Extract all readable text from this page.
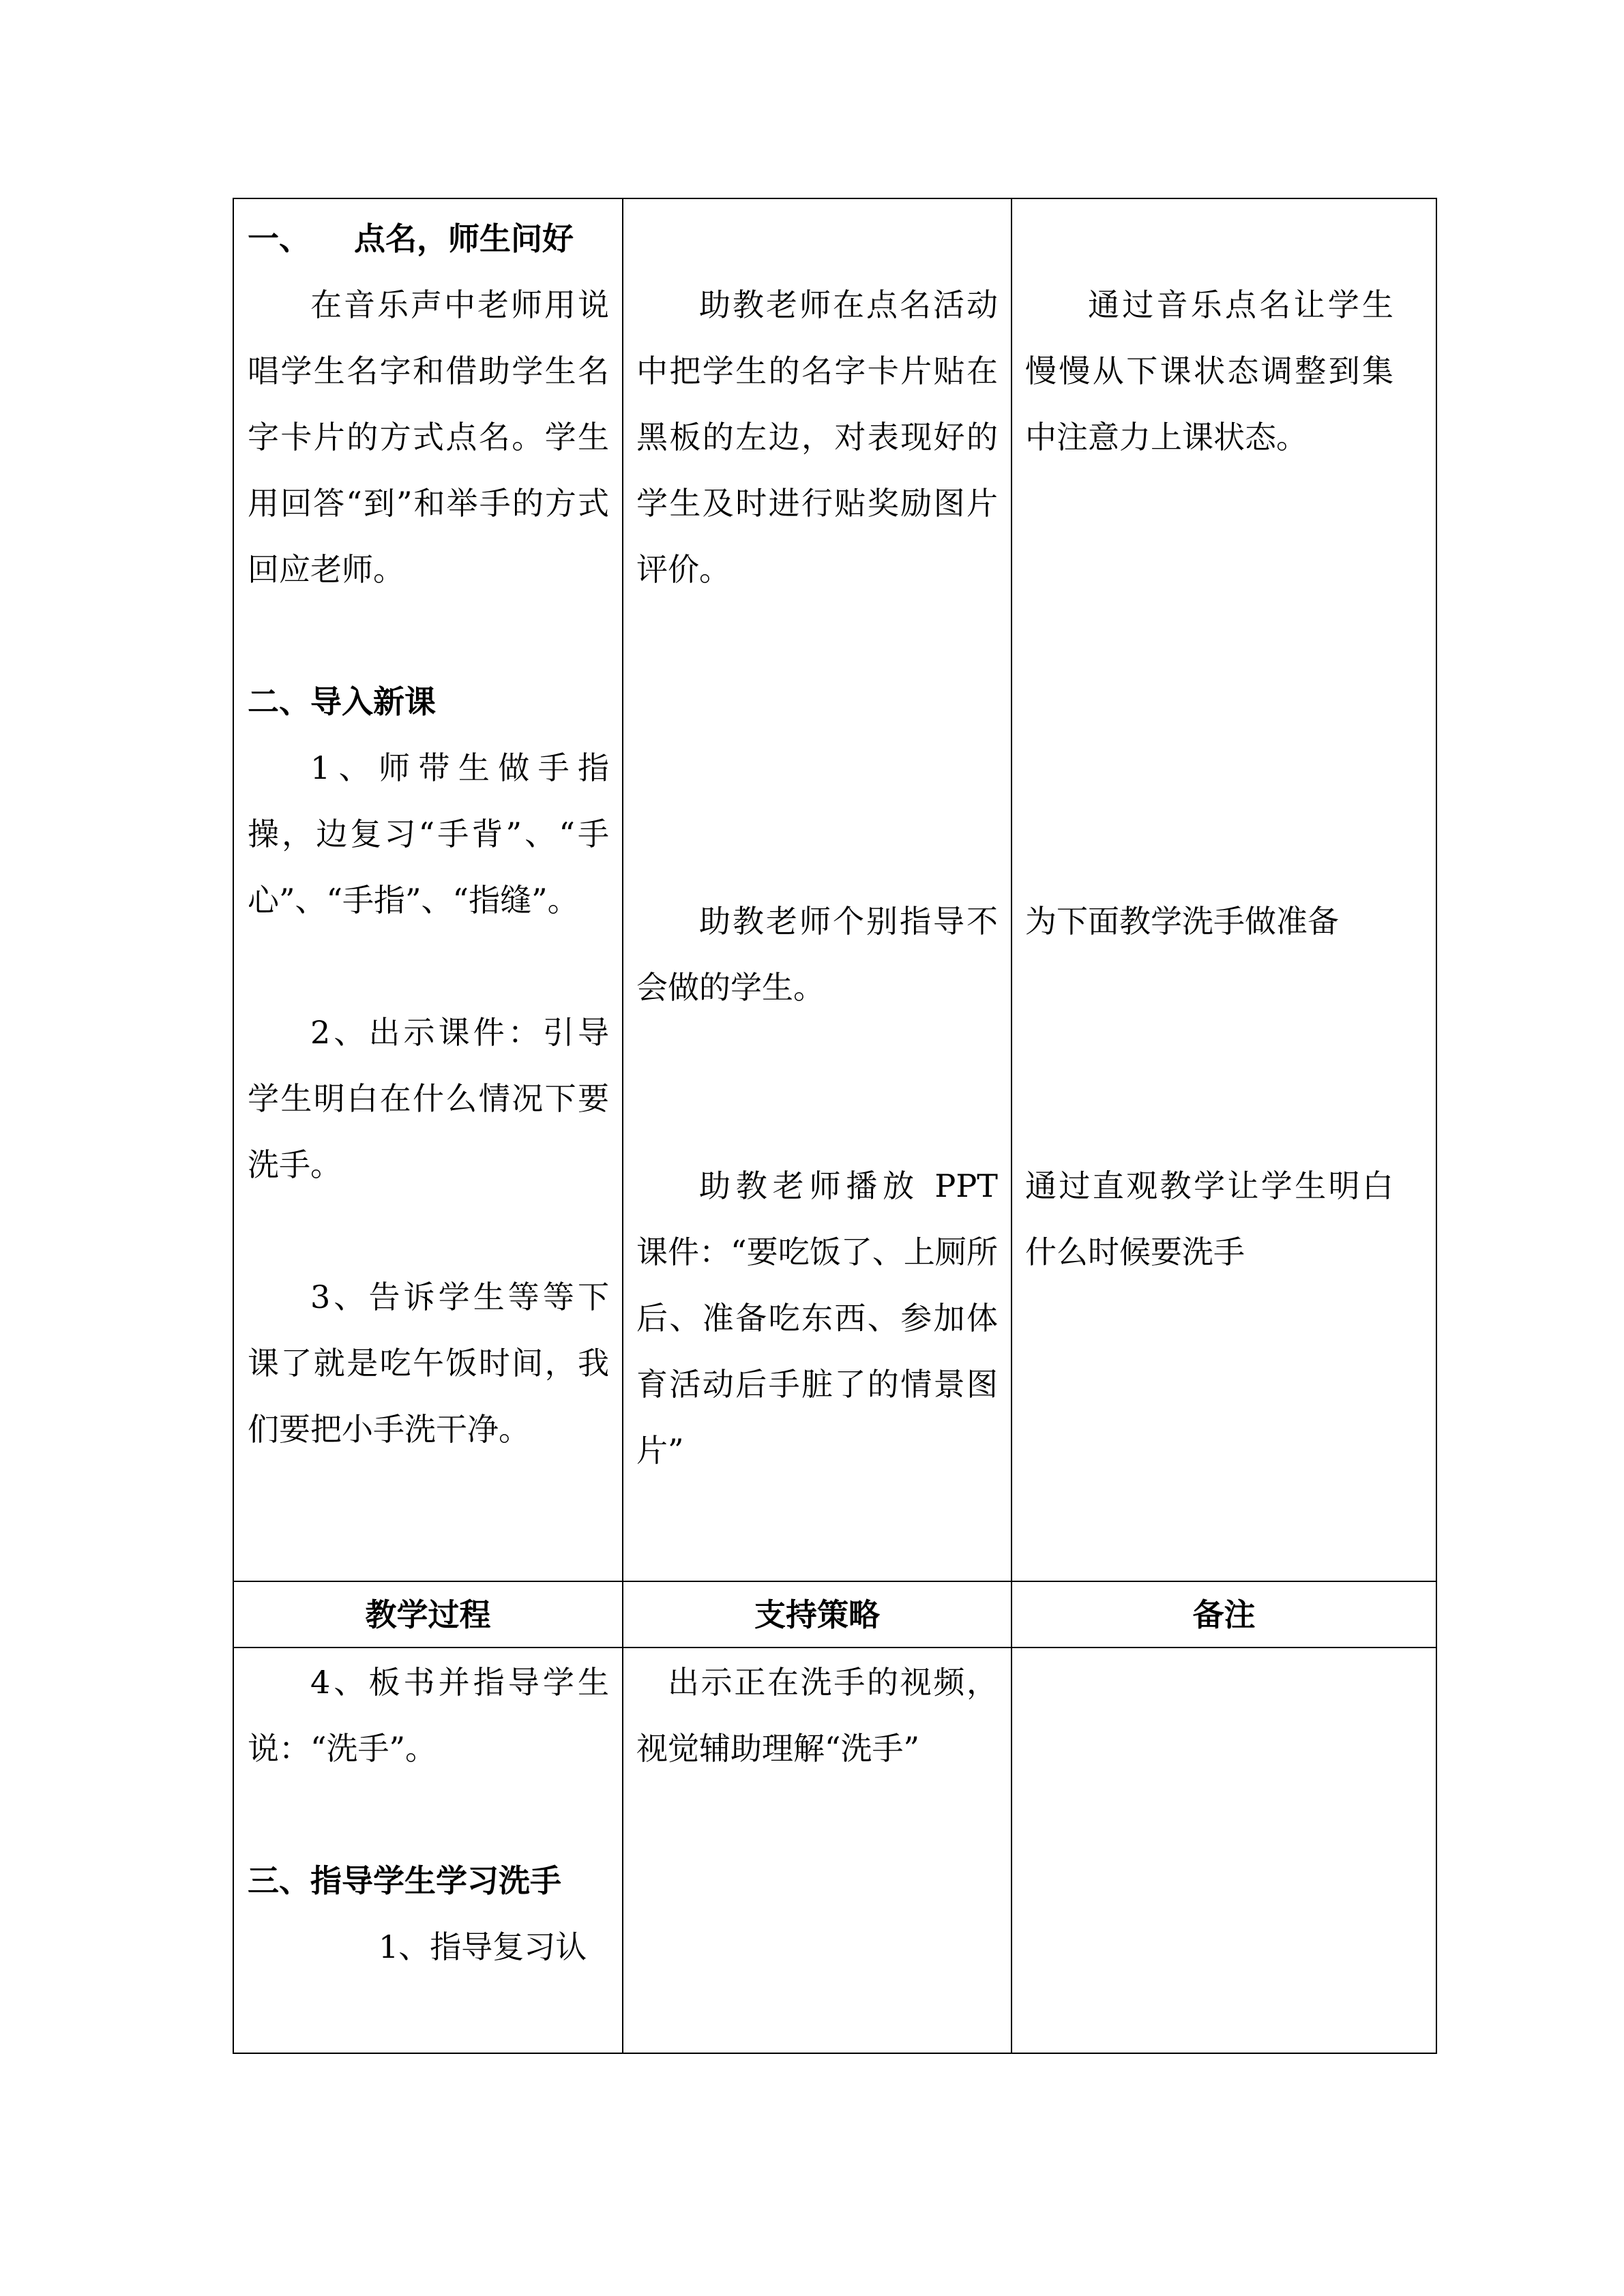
一、    点名，师生问好

在音乐声中老师用说唱学生名字和借助学生名字卡片的方式点名。学生用回答“到”和举手的方式回应老师。

二、导入新课

1、师带生做手指操，边复习“手背”、“手心”、“手指”、“指缝”。

2、出示课件：引导学生明白在什么情况下要洗手。

3、告诉学生等等下课了就是吃午饭时间，我们要把小手洗干净。

助教老师在点名活动中把学生的名字卡片贴在黑板的左边，对表现好的学生及时进行贴奖励图片评价。

助教老师个别指导不会做的学生。

助教老师播放 PPT 课件：“要吃饭了、上厕所后、准备吃东西、参加体育活动后手脏了的情景图片”

通过音乐点名让学生慢慢从下课状态调整到集中注意力上课状态。

为下面教学洗手做准备

通过直观教学让学生明白什么时候要洗手

教学过程	支持策略	备注

4、板书并指导学生说：“洗手”。

三、指导学生学习洗手

1、指导复习认

出示正在洗手的视频，视觉辅助理解“洗手”
